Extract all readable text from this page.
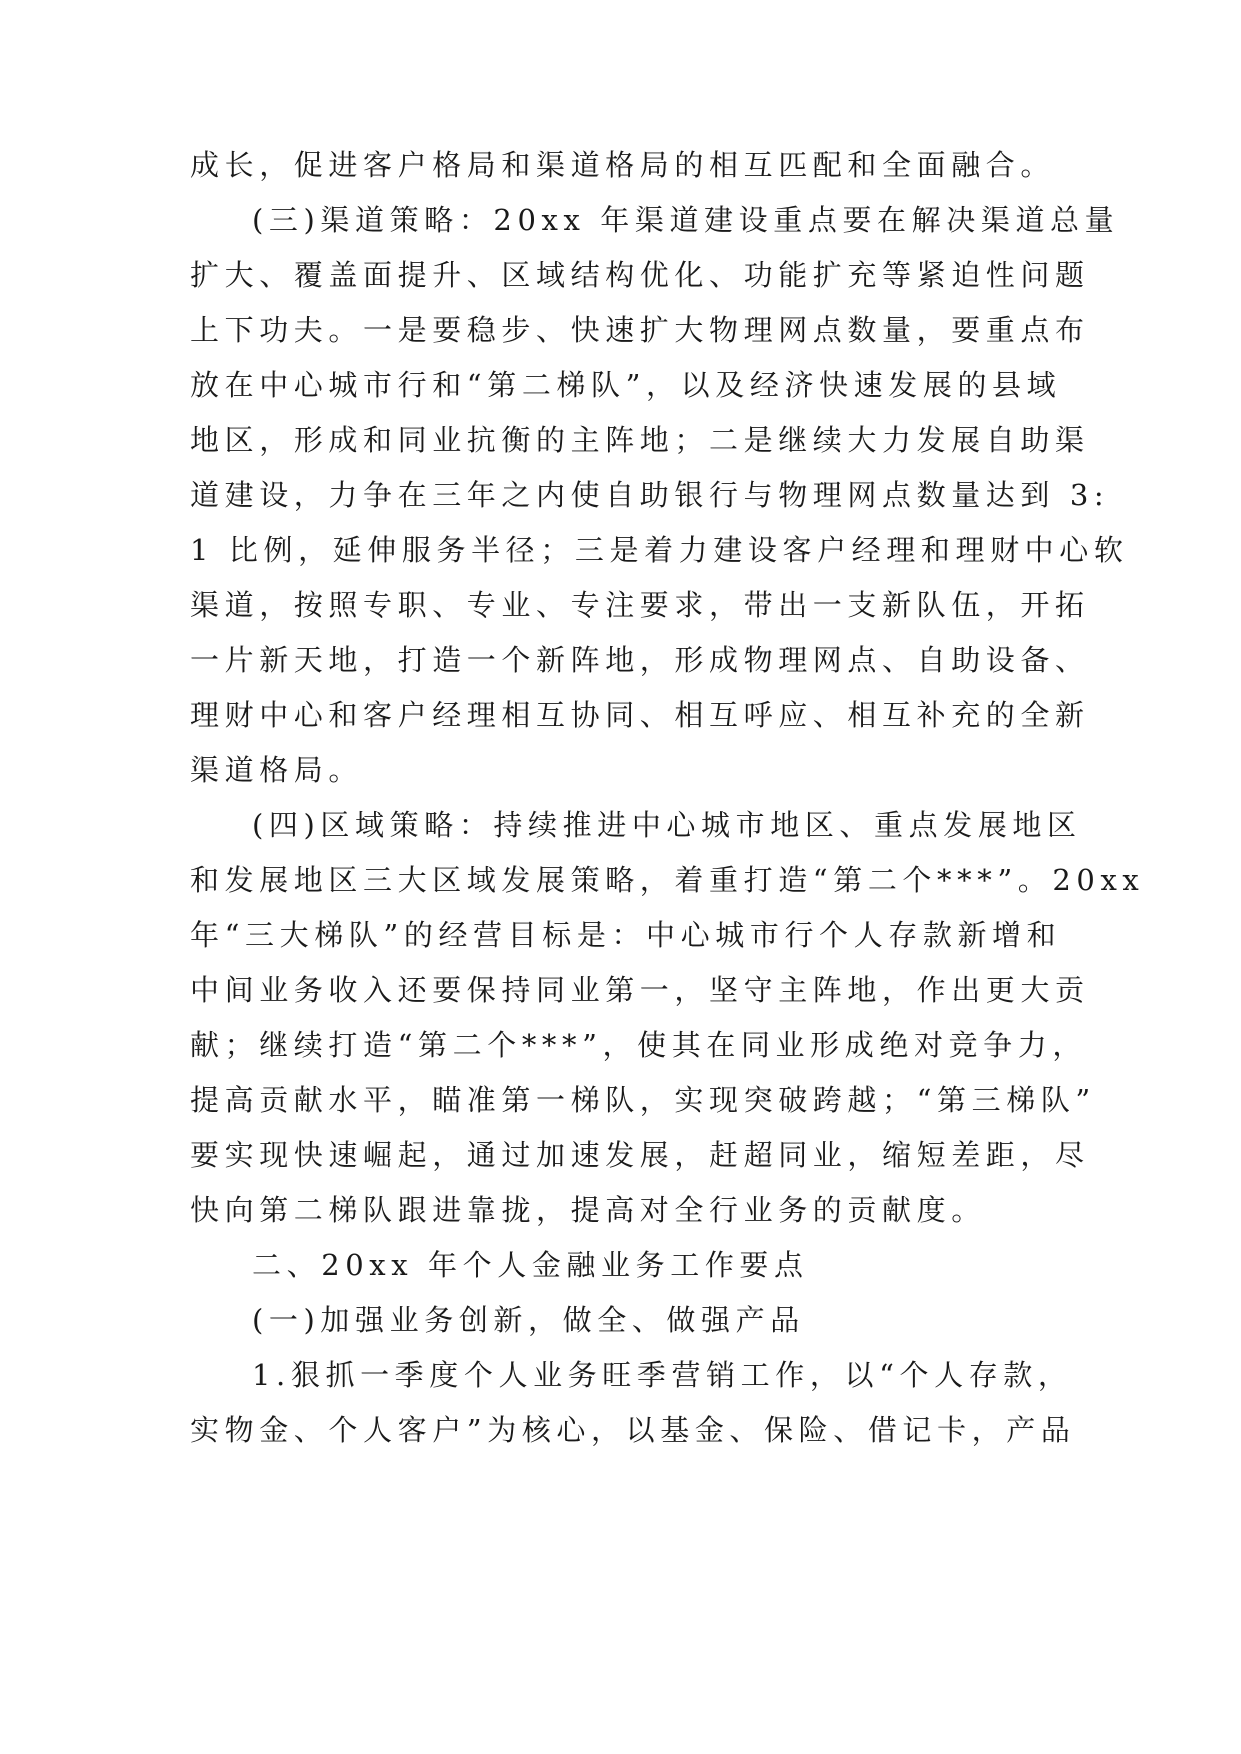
成长，促进客户格局和渠道格局的相互匹配和全面融合。
(三)渠道策略：20xx 年渠道建设重点要在解决渠道总量
扩大、覆盖面提升、区域结构优化、功能扩充等紧迫性问题
上下功夫。一是要稳步、快速扩大物理网点数量，要重点布
放在中心城市行和“第二梯队”，以及经济快速发展的县域
地区，形成和同业抗衡的主阵地；二是继续大力发展自助渠
道建设，力争在三年之内使自助银行与物理网点数量达到 3:
1 比例，延伸服务半径；三是着力建设客户经理和理财中心软
渠道，按照专职、专业、专注要求，带出一支新队伍，开拓
一片新天地，打造一个新阵地，形成物理网点、自助设备、
理财中心和客户经理相互协同、相互呼应、相互补充的全新
渠道格局。
(四)区域策略：持续推进中心城市地区、重点发展地区
和发展地区三大区域发展策略，着重打造“第二个***”。20xx
年“三大梯队”的经营目标是：中心城市行个人存款新增和
中间业务收入还要保持同业第一，坚守主阵地，作出更大贡
献；继续打造“第二个***”，使其在同业形成绝对竞争力，
提高贡献水平，瞄准第一梯队，实现突破跨越；“第三梯队”
要实现快速崛起，通过加速发展，赶超同业，缩短差距，尽
快向第二梯队跟进靠拢，提高对全行业务的贡献度。
二、20xx 年个人金融业务工作要点
(一)加强业务创新，做全、做强产品
1.狠抓一季度个人业务旺季营销工作，以“个人存款，
实物金、个人客户”为核心，以基金、保险、借记卡，产品
